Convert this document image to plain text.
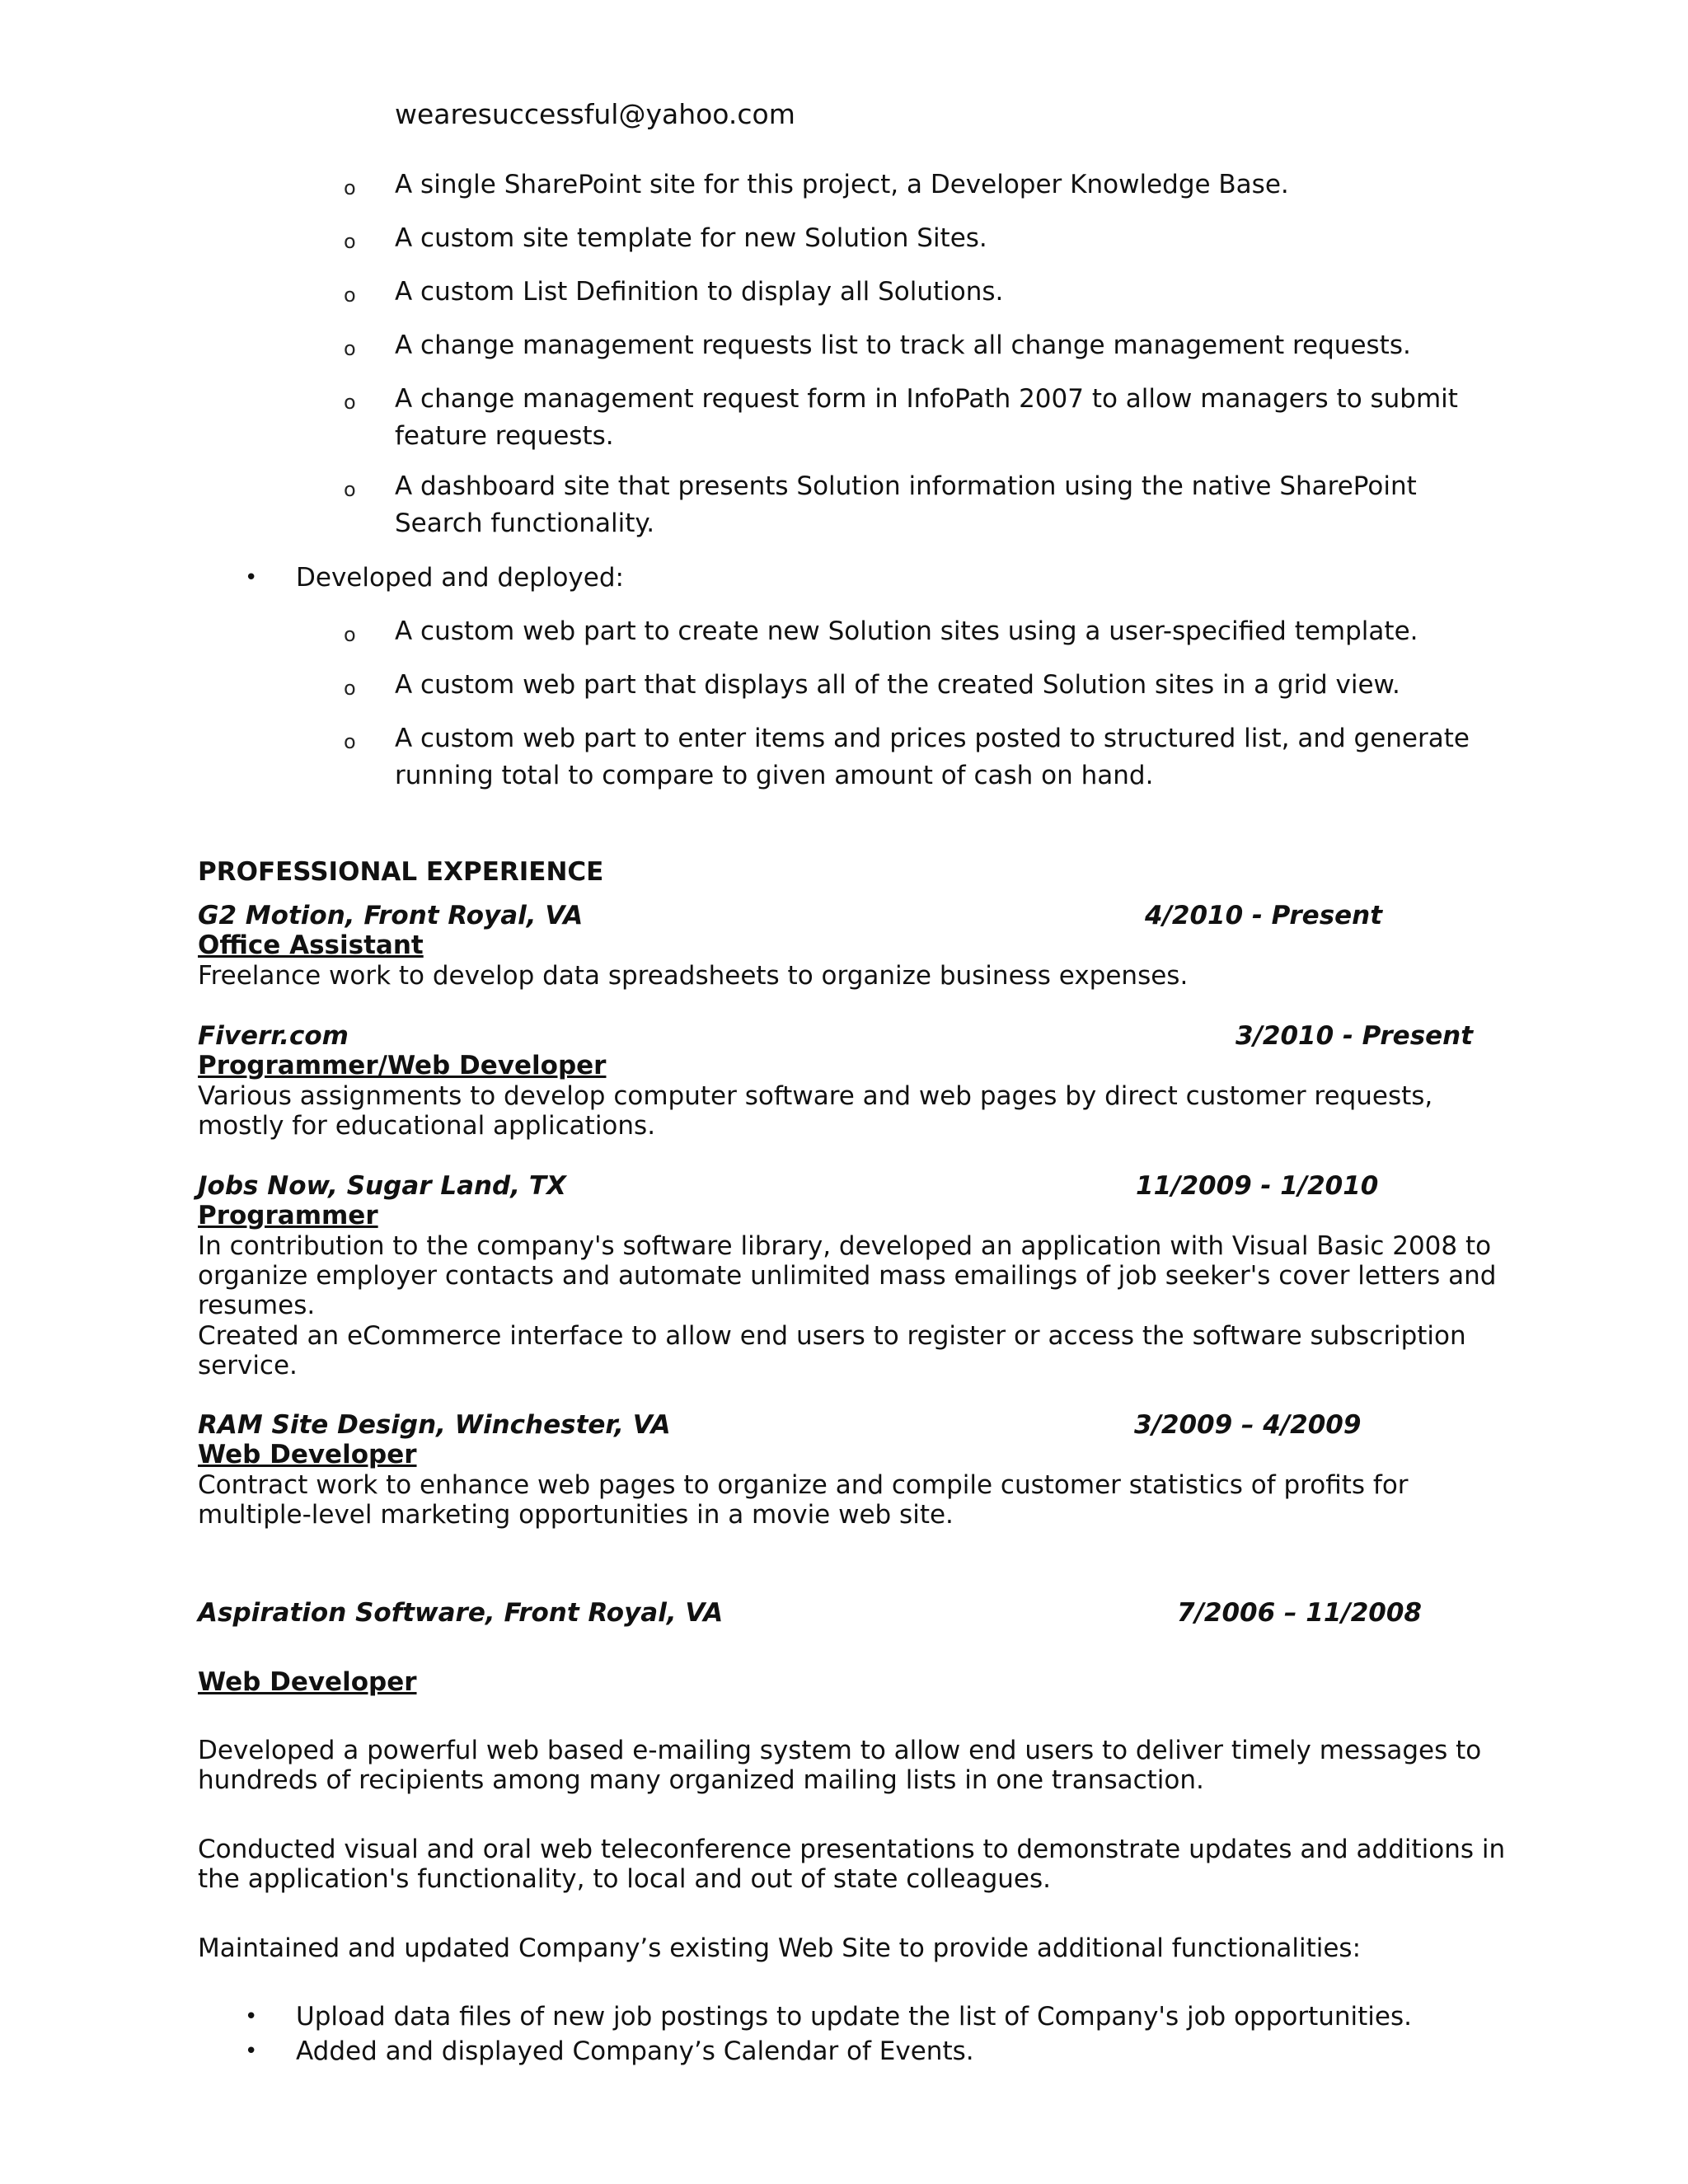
wearesuccessful@yahoo.com
o A single SharePoint site for this project, a Developer Knowledge Base.
o A custom site template for new Solution Sites.
o A custom List Definition to display all Solutions.
o A change management requests list to track all change management requests.
o A change management request form in InfoPath 2007 to allow managers to submit
feature requests.
o A dashboard site that presents Solution information using the native SharePoint
Search functionality.
• Developed and deployed:
o A custom web part to create new Solution sites using a user-specified template.
o A custom web part that displays all of the created Solution sites in a grid view.
o A custom web part to enter items and prices posted to structured list, and generate
running total to compare to given amount of cash on hand.
PROFESSIONAL EXPERIENCE
G2 Motion, Front Royal, VA	4/2010 - Present
Office Assistant
Freelance work to develop data spreadsheets to organize business expenses.
Fiverr.com	3/2010 - Present
Programmer/Web Developer
Various assignments to develop computer software and web pages by direct customer requests,
mostly for educational applications.
Jobs Now, Sugar Land, TX	11/2009 - 1/2010
Programmer
In contribution to the company's software library, developed an application with Visual Basic 2008 to
organize employer contacts and automate unlimited mass emailings of job seeker's cover letters and
resumes.
Created an eCommerce interface to allow end users to register or access the software subscription
service.
RAM Site Design, Winchester, VA	3/2009 – 4/2009
Web Developer
Contract work to enhance web pages to organize and compile customer statistics of profits for
multiple-level marketing opportunities in a movie web site.
Aspiration Software, Front Royal, VA	7/2006 – 11/2008
Web Developer
Developed a powerful web based e-mailing system to allow end users to deliver timely messages to
hundreds of recipients among many organized mailing lists in one transaction.
Conducted visual and oral web teleconference presentations to demonstrate updates and additions in
the application's functionality, to local and out of state colleagues.
Maintained and updated Company’s existing Web Site to provide additional functionalities:
• Upload data files of new job postings to update the list of Company's job opportunities.
• Added and displayed Company’s Calendar of Events.
